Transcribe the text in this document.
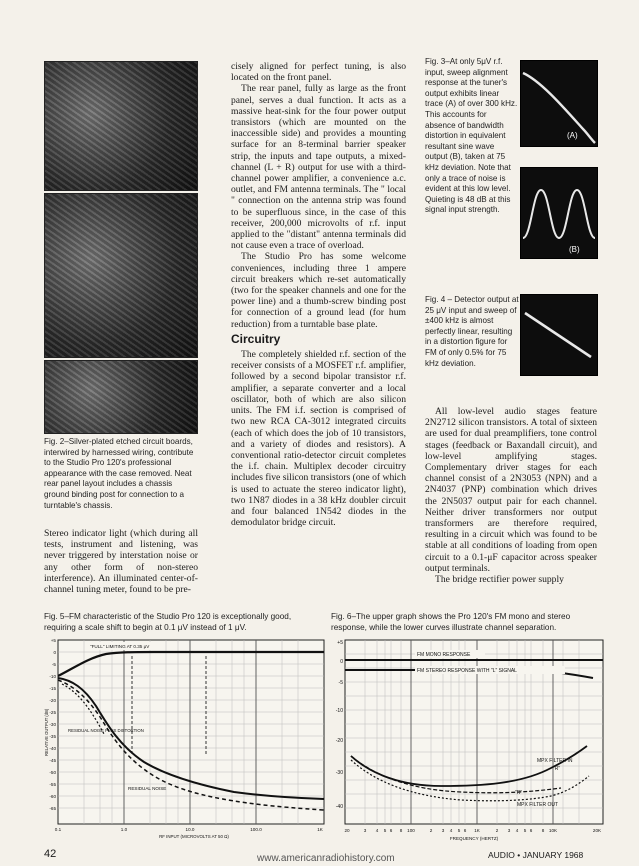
Fig. 2–Silver-plated etched circuit boards, interwired by harnessed wiring, contribute to the Studio Pro 120's professional appearance with the case removed. Neat rear panel layout includes a chassis ground binding post for connection to a turntable's chassis.

Stereo indicator light (which during all tests, instrument and listening, was never triggered by interstation noise or any other form of non-stereo interference). An illuminated center-of-channel tuning meter, found to be pre-

cisely aligned for perfect tuning, is also located on the front panel.

The rear panel, fully as large as the front panel, serves a dual function. It acts as a massive heat-sink for the four power output transistors (which are mounted on the inaccessible side) and provides a mounting surface for an 8-terminal barrier speaker strip, the inputs and tape outputs, a mixed-channel (L + R) output for use with a third-channel power amplifier, a convenience a.c. outlet, and FM antenna terminals. The " local " connection on the antenna strip was found to be superfluous since, in the case of this receiver, 200,000 microvolts of r.f. input applied to the "distant" antenna terminals did not cause even a trace of overload.

The Studio Pro has some welcome conveniences, including three 1 ampere circuit breakers which re-set automatically (two for the speaker channels and one for the power line) and a thumb-screw binding post for connection of a ground lead (for hum reduction) from a turntable base plate.

Circuitry

The completely shielded r.f. section of the receiver consists of a MOSFET r.f. amplifier, followed by a second bipolar transistor r.f. amplifier, a separate converter and a local oscillator, both of which are also silicon units. The FM i.f. section is comprised of two new RCA CA-3012 integrated circuits (each of which does the job of 10 transistors, and a variety of diodes and resistors). A conventional ratio-detector circuit completes the i.f. chain. Multiplex decoder circuitry includes five silicon transistors (one of which is used to actuate the stereo indicator light), two 1N87 diodes in a 38 kHz doubler circuit and four balanced 1N542 diodes in the demodulator bridge circuit.

Fig. 3–At only 5μV r.f. input, sweep alignment response at the tuner's output exhibits linear trace (A) of over 300 kHz. This accounts for absence of bandwidth distortion in equivalent resultant sine wave output (B), taken at 75 kHz deviation. Note that only a trace of noise is evident at this low level. Quieting is 48 dB at this signal input strength.
(A)
(B)
Fig. 4 – Detector output at 25 μV input and sweep of ±400 kHz is almost perfectly linear, resulting in a distortion figure for FM of only 0.5% for 75 kHz deviation.

All low-level audio stages feature 2N2712 silicon transistors. A total of sixteen are used for dual preamplifiers, tone control stages (feedback or Baxandall circuit), and low-level amplifying stages. Complementary driver stages for each channel consist of a 2N3053 (NPN) and a 2N4037 (PNP) combination which drives the 2N5037 output pair for each channel. Neither driver transformers nor output transformers are therefore required, resulting in a circuit which was found to be stable at all conditions of loading from open circuit to a 0.1-μF capacitor across speaker output terminals.

The bridge rectifier power supply

Fig. 5–FM characteristic of the Studio Pro 120 is exceptionally good, requiring a scale shift to begin at 0.1 μV instead of 1 μV.
"FULL" LIMITING AT 0.35 μV
RESIDUAL NOISE PLUS DISTORTION
RESIDUAL NOISE
+5
0
-5
-10
-15
-20
-25
-30
-35
-40
-45
-50
-55
-60
-65
RELATIVE OUTPUT (dB)
0.1	1.0	10.0	100.0	1K
RF INPUT (MICROVOLTS AT 50 Ω)
Fig. 6–The upper graph shows the Pro 120's FM mono and stereo response, while the lower curves illustrate channel separation.
FM MONO RESPONSE
FM STEREO RESPONSE WITH "L" SIGNAL
MPX FILTER IN
"R"
"R"
MPX FILTER OUT
+5
0
-5
-10
-20
-30
-40
20	3 4 5 6 8 100	2 3 4 5 6 1K	2 3 4 5 6 8 10K	20K
FREQUENCY (HERTZ)
42	www.americanradiohistory.com	AUDIO • JANUARY 1968
